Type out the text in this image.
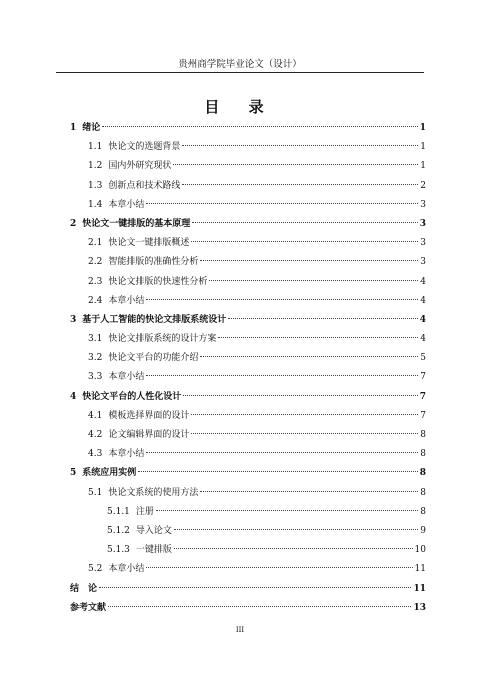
贵州商学院毕业论文（设计）
目 录
1 绪论	1
1.1 快论文的选题背景	1
1.2 国内外研究现状	1
1.3 创新点和技术路线	2
1.4 本章小结	3
2 快论文一键排版的基本原理	3
2.1 快论文一键排版概述	3
2.2 智能排版的准确性分析	3
2.3 快论文排版的快速性分析	4
2.4 本章小结	4
3 基于人工智能的快论文排版系统设计	4
3.1 快论文排版系统的设计方案	4
3.2 快论文平台的功能介绍	5
3.3 本章小结	7
4 快论文平台的人性化设计	7
4.1 模板选择界面的设计	7
4.2 论文编辑界面的设计	8
4.3 本章小结	8
5 系统应用实例	8
5.1 快论文系统的使用方法	8
5.1.1 注册	8
5.1.2 导入论文	9
5.1.3 一键排版	10
5.2 本章小结	11
结　论	11
参考文献	13
III
